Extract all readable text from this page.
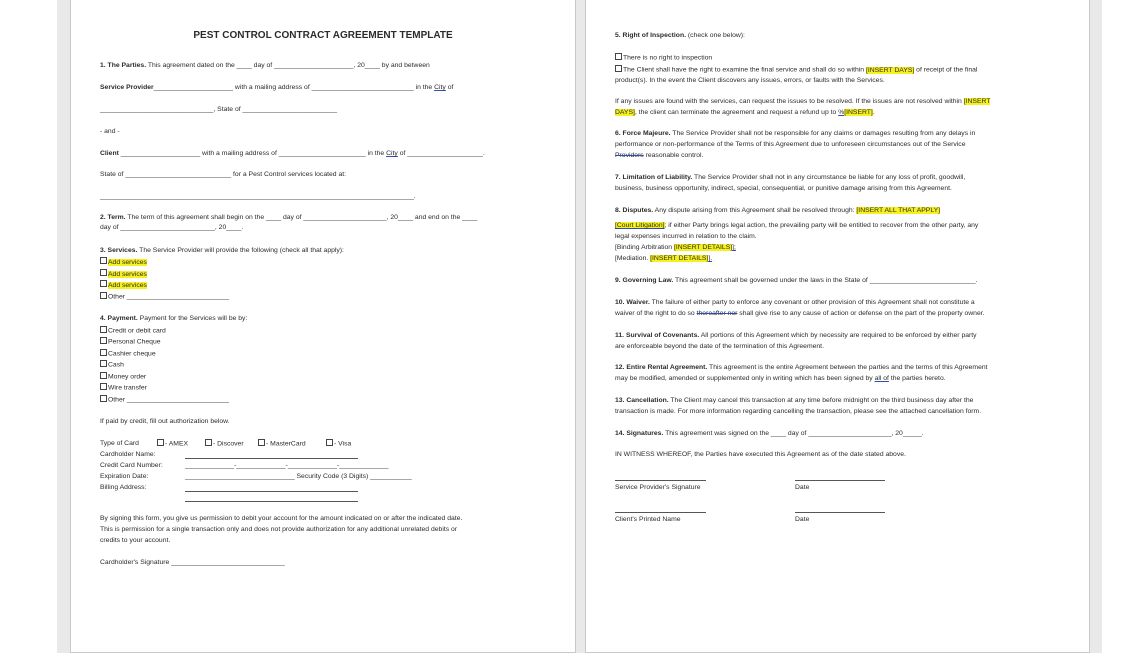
PEST CONTROL CONTRACT AGREEMENT TEMPLATE
1. The Parties. This agreement dated on the ____ day of _____________________, 20____ by and between
Service Provider_____________________ with a mailing address of ___________________________ in the City of
______________________________, State of _________________________
- and -
Client _____________________ with a mailing address of _______________________ in the City of ____________________.
State of ____________________________ for a Pest Control services located at:
___________________________________________________________________________________.
2. Term. The term of this agreement shall begin on the ____ day of ______________________, 20____ and end on the ____
day of _________________________, 20____.
3. Services. The Service Provider will provide the following (check all that apply):
Add services
Add services
Add services
Other ___________________________
4. Payment. Payment for the Services will be by:
Credit or debit card
Personal Cheque
Cashier cheque
Cash
Money order
Wire transfer
Other ___________________________
If paid by credit, fill out authorization below.
Type of Card	- AMEX	- Discover	- MasterCard	- Visa
Cardholder Name:
Credit Card Number:	_____________-_____________-_____________-_____________
Expiration Date:	_____________________________ Security Code (3 Digits) ___________
Billing Address:
By signing this form, you give us permission to debit your account for the amount indicated on or after the indicated date.
This is permission for a single transaction only and does not provide authorization for any additional unrelated debits or
credits to your account.
Cardholder's Signature ______________________________
5. Right of Inspection. (check one below):
There is no right to inspection
The Client shall have the right to examine the final service and shall do so within [INSERT DAYS] of receipt of the final
product(s). In the event the Client discovers any issues, errors, or faults with the Services.
If any issues are found with the services, can request the issues to be resolved. If the issues are not resolved within [INSERT
DAYS], the client can terminate the agreement and request a refund up to %[INSERT].
6. Force Majeure. The Service Provider shall not be responsible for any claims or damages resulting from any delays in
performance or non-performance of the Terms of this Agreement due to unforeseen circumstances out of the Service
Providers reasonable control.
7. Limitation of Liability. The Service Provider shall not in any circumstance be liable for any loss of profit, goodwill,
business, business opportunity, indirect, special, consequential, or punitive damage arising from this Agreement.
8. Disputes. Any dispute arising from this Agreement shall be resolved through: [INSERT ALL THAT APPLY]
[Court Litigation]; if either Party brings legal action, the prevailing party will be entitled to recover from the other party, any
legal expenses incurred in relation to the claim.
[Binding Arbitration [INSERT DETAILS]];
[Mediation. [INSERT DETAILS]].
9. Governing Law. This agreement shall be governed under the laws in the State of ____________________________.
10. Waiver. The failure of either party to enforce any covenant or other provision of this Agreement shall not constitute a
waiver of the right to do so thereafter nor shall give rise to any cause of action or defense on the part of the property owner.
11. Survival of Covenants. All portions of this Agreement which by necessity are required to be enforced by either party
are enforceable beyond the date of the termination of this Agreement.
12. Entire Rental Agreement. This agreement is the entire Agreement between the parties and the terms of this Agreement
may be modified, amended or supplemented only in writing which has been signed by all of the parties hereto.
13. Cancellation. The Client may cancel this transaction at any time before midnight on the third business day after the
transaction is made. For more information regarding cancelling the transaction, please see the attached cancellation form.
14. Signatures. This agreement was signed on the ____ day of ______________________, 20_____.
IN WITNESS WHEREOF, the Parties have executed this Agreement as of the date stated above.
Service Provider's Signature	Date
Client's Printed Name	Date
